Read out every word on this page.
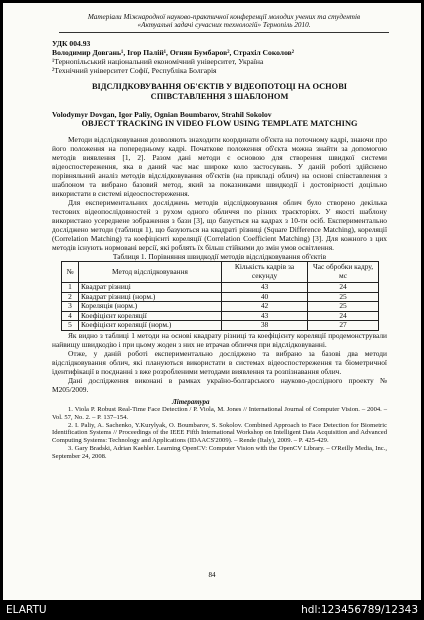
Матеріали Міжнародної науково-практичної конференції молодих учених та студентів
«Актуальні задачі сучасних технологій» Тернопіль 2010.
УДК 004.93
Володимир Довгань¹, Ігор Палій¹, Огнян Бумбаров², Страхіл Соколов²
¹Тернопільський національний економічний університет, Україна
²Технічний університет Софії, Республіка Болгарія
ВІДСЛІДКОВУВАННЯ ОБ'ЄКТІВ У ВІДЕОПОТОЦІ НА ОСНОВІ
СПІВСТАВЛЕННЯ З ШАБЛОНОМ
Volodymyr Dovgan, Igor Paliy, Ognian Boumbarov, Strahil Sokolov
OBJECT TRACKING IN VIDEO FLOW USING TEMPLATE MATCHING

Методи відслідковування дозволяють знаходити координати об'єкта на поточному кадрі, знаючи про його положення на попередньому кадрі. Початкове положення об'єкта можна знайти за допомогою методів виявлення [1, 2]. Разом дані методи є основою для створення швидкої системи відеоспостереження, яка в даний час має широке коло застосувань. У даній роботі здійснено порівняльний аналіз методів відслідковування об'єктів (на прикладі облич) на основі співставлення з шаблоном та вибрано базовий метод, який за показниками швидкодії і достовірності доцільно використати в системі відеоспостереження.

Для експериментальних досліджень методів відслідковування облич було створено декілька тестових відеопослідовностей з рухом одного обличчя по різних траєкторіях. У якості шаблону використано усереднене зображення з бази [3], що базується на кадрах з 10-ти осіб. Експериментально досліджено методи (таблиця 1), що базуються на квадраті різниці (Square Difference Matching), кореляції (Correlation Matching) та коефіцієнті кореляції (Correlation Coefficient Matching) [3]. Для кожного з цих методів існують нормовані версії, які роблять їх більш стійкими до змін умов освітлення.

Таблиця 1. Порівняння швидкодії методів відслідковування об'єктів
№	Метод відслідковування	Кількість кадрів за секунду	Час обробки кадру, мс
1	Квадрат різниці	43	24
2	Квадрат різниці (норм.)	40	25
3	Кореляція (норм.)	42	25
4	Коефіцієнт кореляції	43	24
5	Коефіцієнт кореляції (норм.)	38	27

Як видно з таблиці 1 методи на основі квадрату різниці та коефіцієнту кореляції продемонстрували найвищу швидкодію і при цьому жоден з них не втрачав обличчя при відслідковуванні.

Отже, у даній роботі експериментально досліджено та вибрано за базові два методи відслідковування облич, які плануються використати в системах відеоспостереження та біометричної ідентифікації в поєднанні з вже розробленими методами виявлення та розпізнавання облич.

Дані дослідження виконані в рамках україно-болгарського науково-дослідного проекту № М205/2009.

Література
1. Viola P. Robust Real-Time Face Detection / P. Viola, M. Jones // International Journal of Computer Vision. – 2004. – Vol. 57, No. 2. – P. 137–154.
2. I. Paliy, A. Sachenko, Y.Kurylyak, O. Boumbarov, S. Sokolov. Combined Approach to Face Detection for Biometric Identification Systems // Proceedings of the IEEE Fifth International Workshop on Intelligent Data Acquisition and Advanced Computing Systems: Technology and Applications (IDAACS'2009). – Rende (Italy), 2009. – P. 425-429.
3. Gary Bradski, Adrian Kaehler. Learning OpenCV: Computer Vision with the OpenCV Library. – O'Reilly Media, Inc., September 24, 2008.
84
ELARTU	hdl:123456789/12343
